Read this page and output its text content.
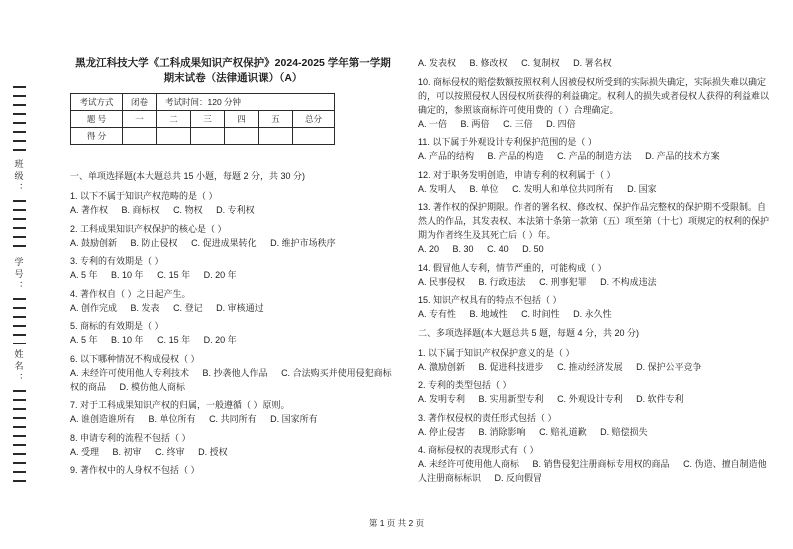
班级：
学号：
姓名：
黑龙江科技大学《工科成果知识产权保护》2024-2025 学年第一学期
期末试卷（法律通识课）（A）
考试方式	闭卷	考试时间：120 分钟				
题 号	一	二	三	四	五	总分
得 分						
一、单项选择题(本大题总共 15 小题，每题 2 分，共 30 分)
1. 以下不属于知识产权范畴的是（ ）
A. 著作权 B. 商标权 C. 物权 D. 专利权
2. 工科成果知识产权保护的核心是（ ）
A. 鼓励创新 B. 防止侵权 C. 促进成果转化 D. 维护市场秩序
3. 专利的有效期是（ ）
A. 5 年 B. 10 年 C. 15 年 D. 20 年
4. 著作权自（ ）之日起产生。
A. 创作完成 B. 发表 C. 登记 D. 审核通过
5. 商标的有效期是（ ）
A. 5 年 B. 10 年 C. 15 年 D. 20 年
6. 以下哪种情况不构成侵权（ ）
A. 未经许可使用他人专利技术 B. 抄袭他人作品 C. 合法购买并使用侵犯商标权的商品 D. 模仿他人商标
7. 对于工科成果知识产权的归属，一般遵循（ ）原则。
A. 谁创造谁所有 B. 单位所有 C. 共同所有 D. 国家所有
8. 申请专利的流程不包括（ ）
A. 受理 B. 初审 C. 终审 D. 授权
9. 著作权中的人身权不包括（ ）
A. 发表权 B. 修改权 C. 复制权 D. 署名权
10. 商标侵权的赔偿数额按照权利人因被侵权所受到的实际损失确定，实际损失难以确定的，可以按照侵权人因侵权所获得的利益确定。权利人的损失或者侵权人获得的利益难以确定的，参照该商标许可使用费的（ ）合理确定。
A. 一倍 B. 两倍 C. 三倍 D. 四倍
11. 以下属于外观设计专利保护范围的是（ ）
A. 产品的结构 B. 产品的构造 C. 产品的制造方法 D. 产品的技术方案
12. 对于职务发明创造，申请专利的权利属于（ ）
A. 发明人 B. 单位 C. 发明人和单位共同所有 D. 国家
13. 著作权的保护期限。作者的署名权、修改权、保护作品完整权的保护期不受限制。自然人的作品，其发表权、本法第十条第一款第（五）项至第（十七）项规定的权利的保护期为作者终生及其死亡后（ ）年。
A. 20 B. 30 C. 40 D. 50
14. 假冒他人专利，情节严重的，可能构成（ ）
A. 民事侵权 B. 行政违法 C. 刑事犯罪 D. 不构成违法
15. 知识产权具有的特点不包括（ ）
A. 专有性 B. 地域性 C. 时间性 D. 永久性
二、多项选择题(本大题总共 5 题，每题 4 分，共 20 分)
1. 以下属于知识产权保护意义的是（ ）
A. 激励创新 B. 促进科技进步 C. 推动经济发展 D. 保护公平竞争
2. 专利的类型包括（ ）
A. 发明专利 B. 实用新型专利 C. 外观设计专利 D. 软件专利
3. 著作权侵权的责任形式包括（ ）
A. 停止侵害 B. 消除影响 C. 赔礼道歉 D. 赔偿损失
4. 商标侵权的表现形式有（ ）
A. 未经许可使用他人商标 B. 销售侵犯注册商标专用权的商品 C. 伪造、擅自制造他人注册商标标识 D. 反向假冒
第 1 页 共 2 页
